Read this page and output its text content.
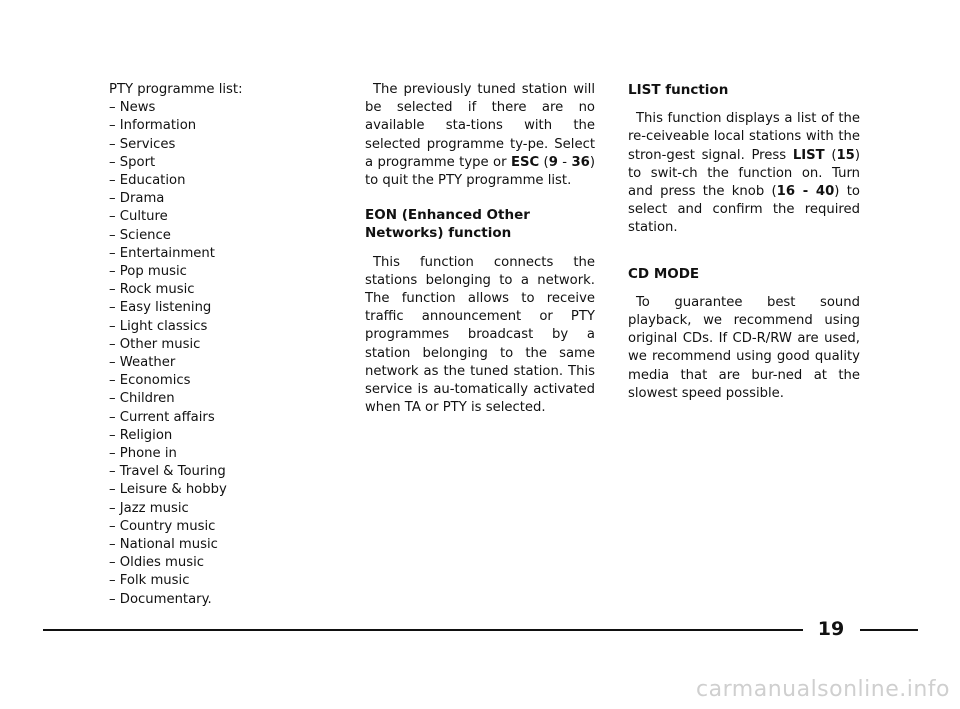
PTY programme list:

– News
– Information
– Services
– Sport
– Education
– Drama
– Culture
– Science
– Entertainment
– Pop music
– Rock music
– Easy listening
– Light classics
– Other music
– Weather
– Economics
– Children
– Current affairs
– Religion
– Phone in
– Travel & Touring
– Leisure & hobby
– Jazz music
– Country music
– National music
– Oldies music
– Folk music
– Documentary.

The previously tuned station will be selected if there are no available sta-tions with the selected programme ty-pe. Select a programme type or ESC (9 - 36) to quit the PTY programme list.

EON (Enhanced Other Networks) function

This function connects the stations belonging to a network. The function allows to receive traffic announcement or PTY programmes broadcast by a station belonging to the same network as the tuned station. This service is au-tomatically activated when TA or PTY is selected.

LIST function

This function displays a list of the re-ceiveable local stations with the stron-gest signal. Press LIST (15) to swit-ch the function on. Turn and press the knob (16 - 40) to select and confirm the required station.

CD MODE

To guarantee best sound playback, we recommend using original CDs. If CD-R/RW are used, we recommend using good quality media that are bur-ned at the slowest speed possible.

19
carmanualsonline.info
